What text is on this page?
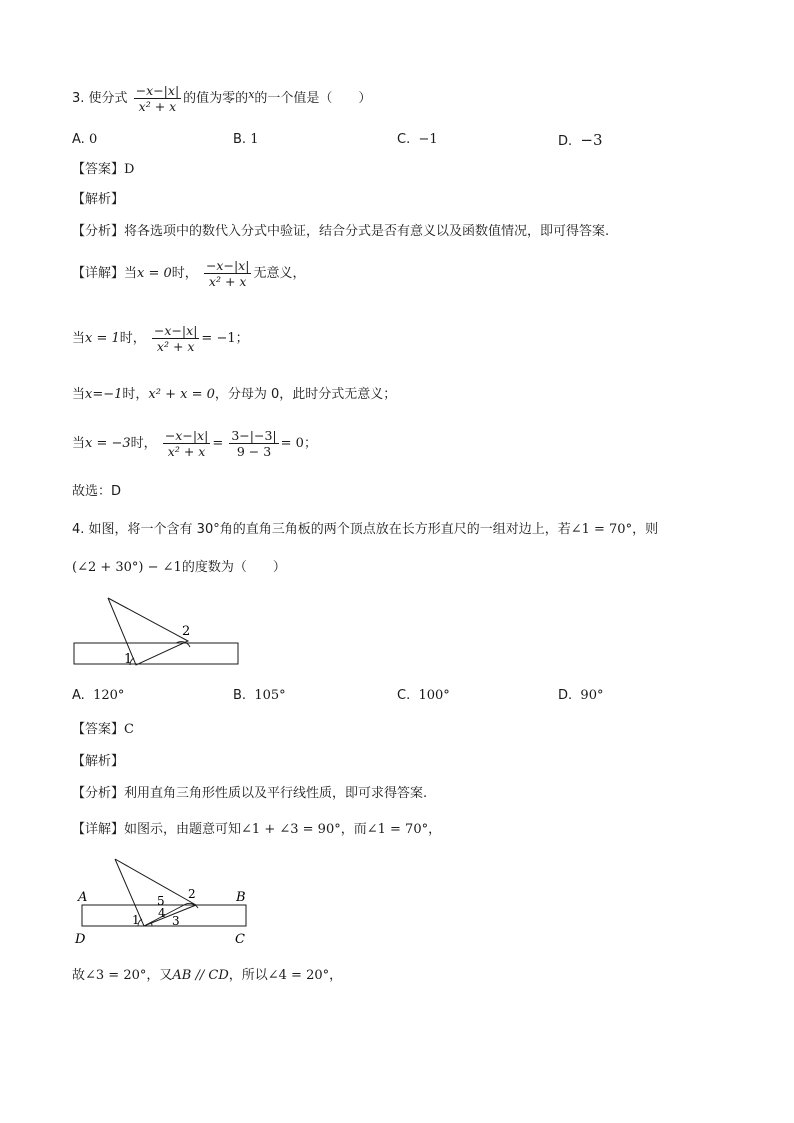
3. 使分式 $\frac{-x-|x|}{\text{x² + x}}$ 的值为零的$^x$的一个值是（　　）
A. 0	B. 1	C. −1	D. −3
【答案】D
【解析】
【分析】将各选项中的数代入分式中验证，结合分式是否有意义以及函数值情况，即可得答案.
【详解】当x = 0时， $\frac{-x-|x|}{\text{x² + x}}$ 无意义，
当x = 1时， $\frac{-x-|x|}{\text{x² + x}} = -1$；
当x=−1时，x² + x = 0，分母为 0，此时分式无意义；
当x = −3时， $\frac{-x-|x|}{\text{x² + x}} = \frac{3-|-3|}{9 - 3} = 0$；
故选：D
4. 如图，将一个含有 30°角的直角三角板的两个顶点放在长方形直尺的一组对边上，若∠1 = 70°，则
(∠2 + 30°) − ∠1的度数为（　　）
1
2
A. 120°	B. 105°	C. 100°	D. 90°
【答案】C
【解析】
【分析】利用直角三角形性质以及平行线性质，即可求得答案.
【详解】如图示，由题意可知∠1 + ∠3 = 90°，而∠1 = 70°，
A	B
C
D
1
2
3
4
5
故∠3 = 20°，又AB // CD，所以∠4 = 20°，
